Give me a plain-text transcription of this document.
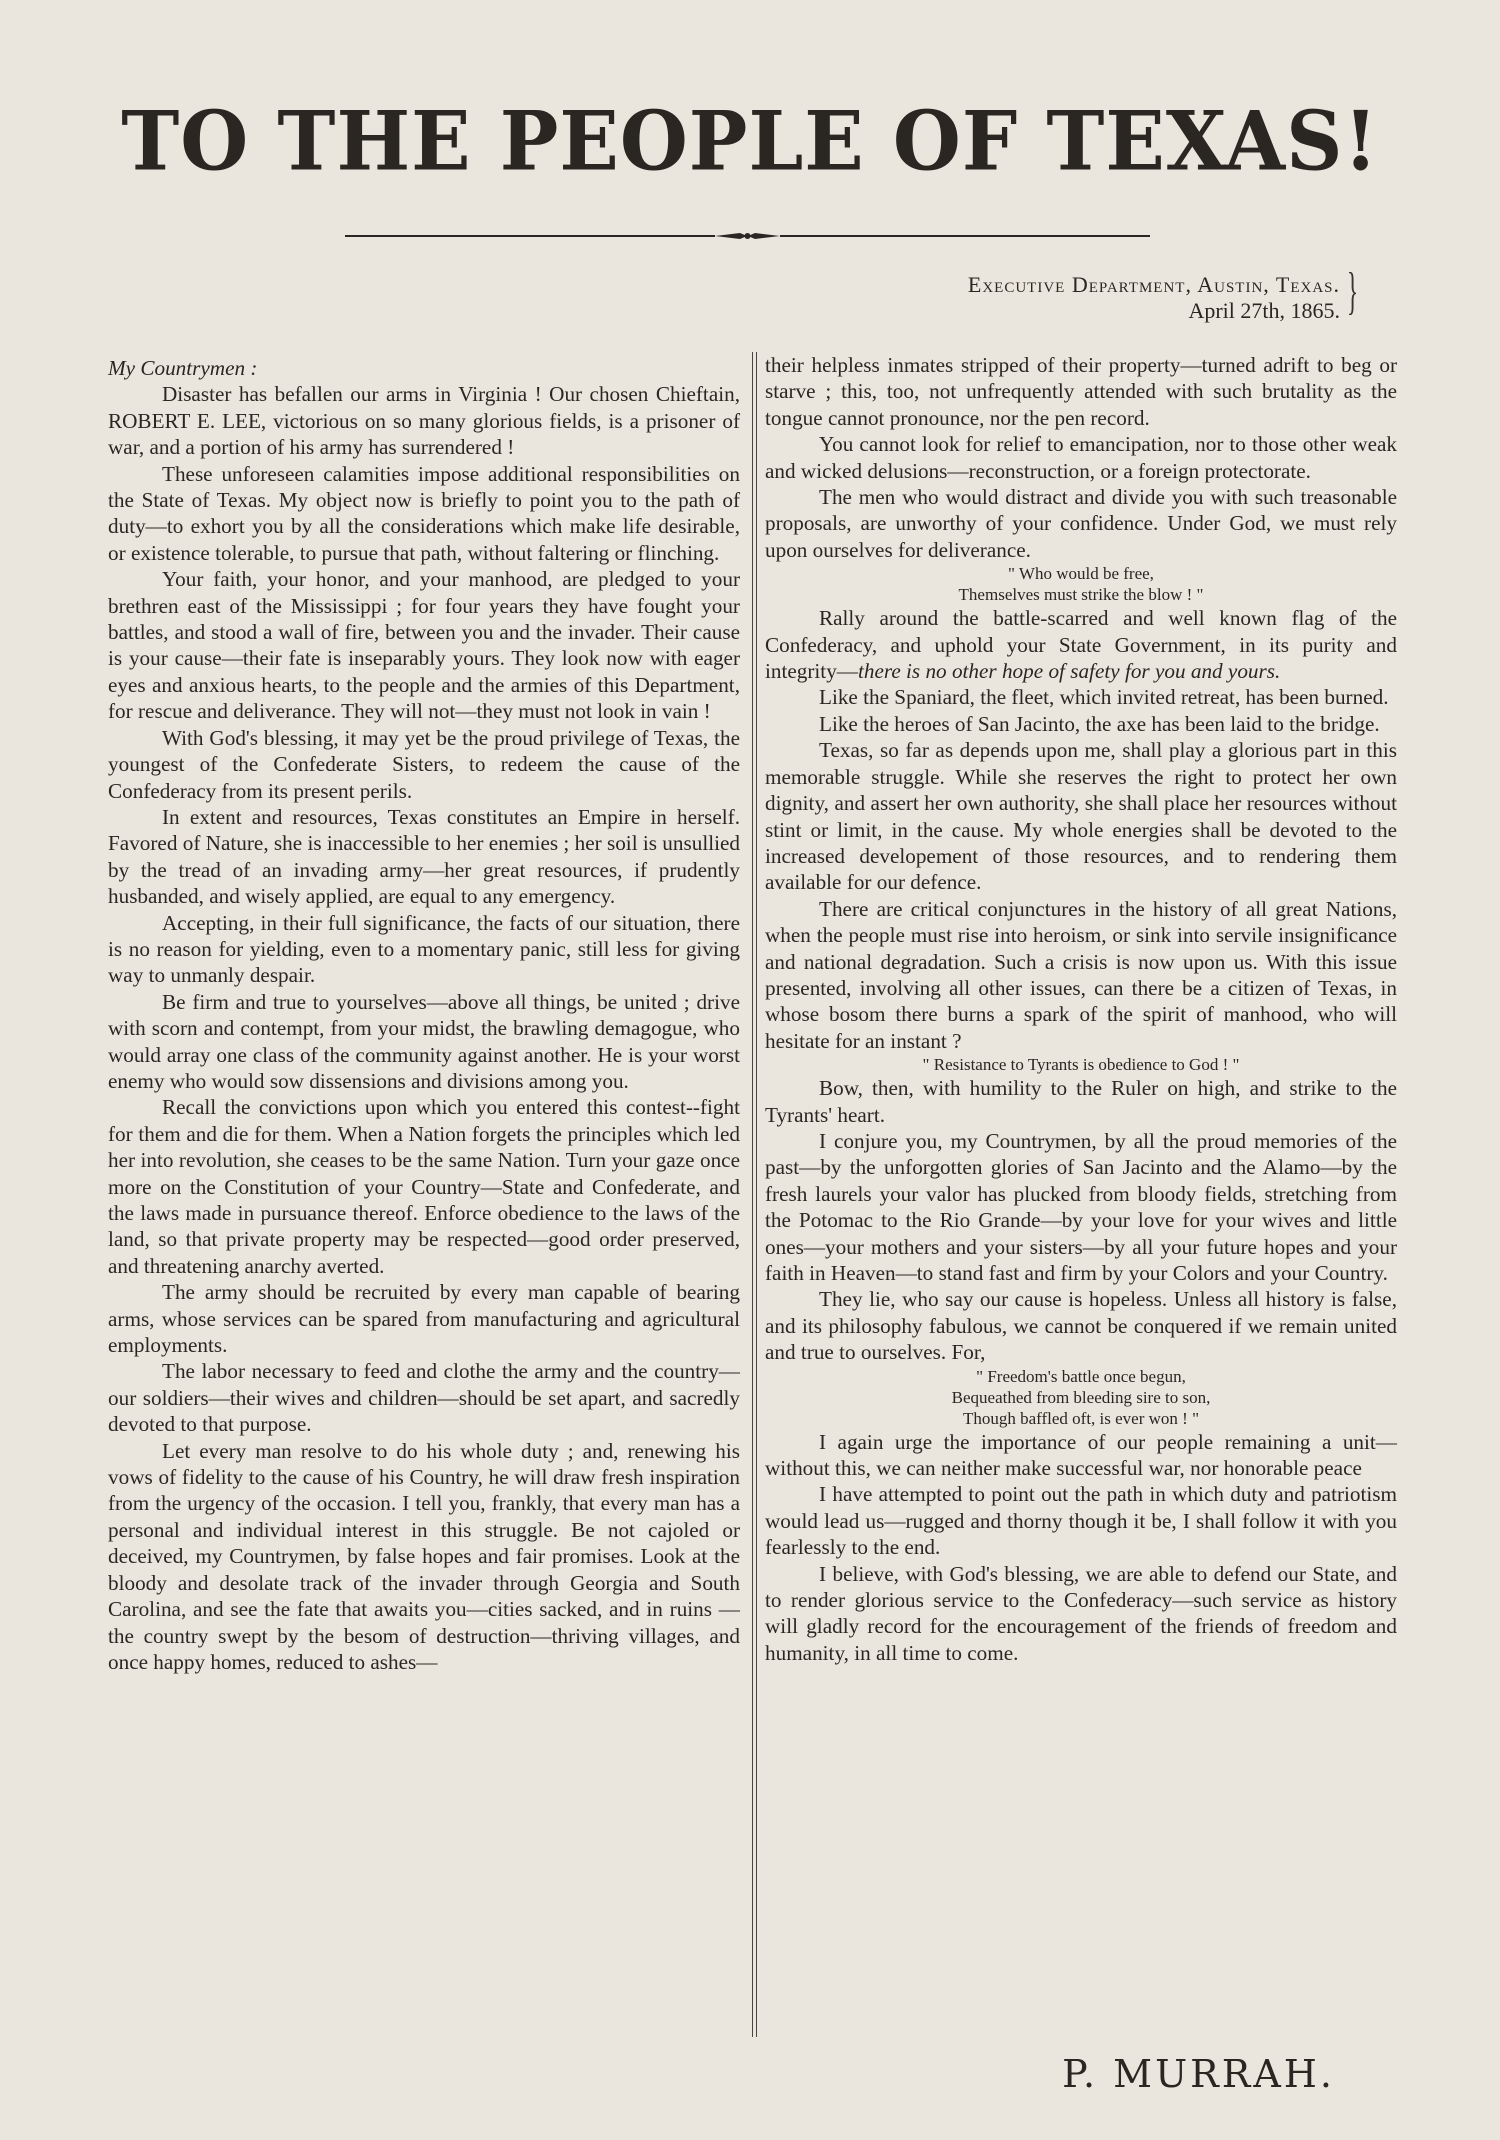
TO THE PEOPLE OF TEXAS!
Executive Department, Austin, Texas.
April 27th, 1865. }

My Countrymen :

Disaster has befallen our arms in Virginia ! Our chosen Chieftain, ROBERT E. LEE, victorious on so many glorious fields, is a prisoner of war, and a portion of his army has surrendered !

These unforeseen calamities impose additional responsibilities on the State of Texas. My object now is briefly to point you to the path of duty—to exhort you by all the considerations which make life desirable, or existence tolerable, to pursue that path, without faltering or flinching.

Your faith, your honor, and your manhood, are pledged to your brethren east of the Mississippi ; for four years they have fought your battles, and stood a wall of fire, between you and the invader. Their cause is your cause—their fate is inseparably yours. They look now with eager eyes and anxious hearts, to the people and the armies of this Department, for rescue and deliverance. They will not—they must not look in vain !

With God's blessing, it may yet be the proud privilege of Texas, the youngest of the Confederate Sisters, to redeem the cause of the Confederacy from its present perils.

In extent and resources, Texas constitutes an Empire in herself. Favored of Nature, she is inaccessible to her enemies ; her soil is unsullied by the tread of an invading army—her great resources, if prudently husbanded, and wisely applied, are equal to any emergency.

Accepting, in their full significance, the facts of our situation, there is no reason for yielding, even to a momentary panic, still less for giving way to unmanly despair.

Be firm and true to yourselves—above all things, be united ; drive with scorn and contempt, from your midst, the brawling demagogue, who would array one class of the community against another. He is your worst enemy who would sow dissensions and divisions among you.

Recall the convictions upon which you entered this contest--fight for them and die for them. When a Nation forgets the principles which led her into revolution, she ceases to be the same Nation. Turn your gaze once more on the Constitution of your Country—State and Confederate, and the laws made in pursuance thereof. Enforce obedience to the laws of the land, so that private property may be respected—good order preserved, and threatening anarchy averted.

The army should be recruited by every man capable of bearing arms, whose services can be spared from manufacturing and agricultural employments.

The labor necessary to feed and clothe the army and the country—our soldiers—their wives and children—should be set apart, and sacredly devoted to that purpose.

Let every man resolve to do his whole duty ; and, renewing his vows of fidelity to the cause of his Country, he will draw fresh inspiration from the urgency of the occasion. I tell you, frankly, that every man has a personal and individual interest in this struggle. Be not cajoled or deceived, my Countrymen, by false hopes and fair promises. Look at the bloody and desolate track of the invader through Georgia and South Carolina, and see the fate that awaits you—cities sacked, and in ruins —the country swept by the besom of destruction—thriving villages, and once happy homes, reduced to ashes—

their helpless inmates stripped of their property—turned adrift to beg or starve ; this, too, not unfrequently attended with such brutality as the tongue cannot pronounce, nor the pen record.

You cannot look for relief to emancipation, nor to those other weak and wicked delusions—reconstruction, or a foreign protectorate.

The men who would distract and divide you with such treasonable proposals, are unworthy of your confidence. Under God, we must rely upon ourselves for deliverance.

" Who would be free,
Themselves must strike the blow ! "

Rally around the battle-scarred and well known flag of the Confederacy, and uphold your State Government, in its purity and integrity—there is no other hope of safety for you and yours.

Like the Spaniard, the fleet, which invited retreat, has been burned.

Like the heroes of San Jacinto, the axe has been laid to the bridge.

Texas, so far as depends upon me, shall play a glorious part in this memorable struggle. While she reserves the right to protect her own dignity, and assert her own authority, she shall place her resources without stint or limit, in the cause. My whole energies shall be devoted to the increased developement of those resources, and to rendering them available for our defence.

There are critical conjunctures in the history of all great Nations, when the people must rise into heroism, or sink into servile insignificance and national degradation. Such a crisis is now upon us. With this issue presented, involving all other issues, can there be a citizen of Texas, in whose bosom there burns a spark of the spirit of manhood, who will hesitate for an instant ?

" Resistance to Tyrants is obedience to God ! "

Bow, then, with humility to the Ruler on high, and strike to the Tyrants' heart.

I conjure you, my Countrymen, by all the proud memories of the past—by the unforgotten glories of San Jacinto and the Alamo—by the fresh laurels your valor has plucked from bloody fields, stretching from the Potomac to the Rio Grande—by your love for your wives and little ones—your mothers and your sisters—by all your future hopes and your faith in Heaven—to stand fast and firm by your Colors and your Country.

They lie, who say our cause is hopeless. Unless all history is false, and its philosophy fabulous, we cannot be conquered if we remain united and true to ourselves. For,

" Freedom's battle once begun,
Bequeathed from bleeding sire to son,
Though baffled oft, is ever won ! "

I again urge the importance of our people remaining a unit—without this, we can neither make successful war, nor honorable peace

I have attempted to point out the path in which duty and patriotism would lead us—rugged and thorny though it be, I shall follow it with you fearlessly to the end.

I believe, with God's blessing, we are able to defend our State, and to render glorious service to the Confederacy—such service as history will gladly record for the encouragement of the friends of freedom and humanity, in all time to come.

P. MURRAH.
